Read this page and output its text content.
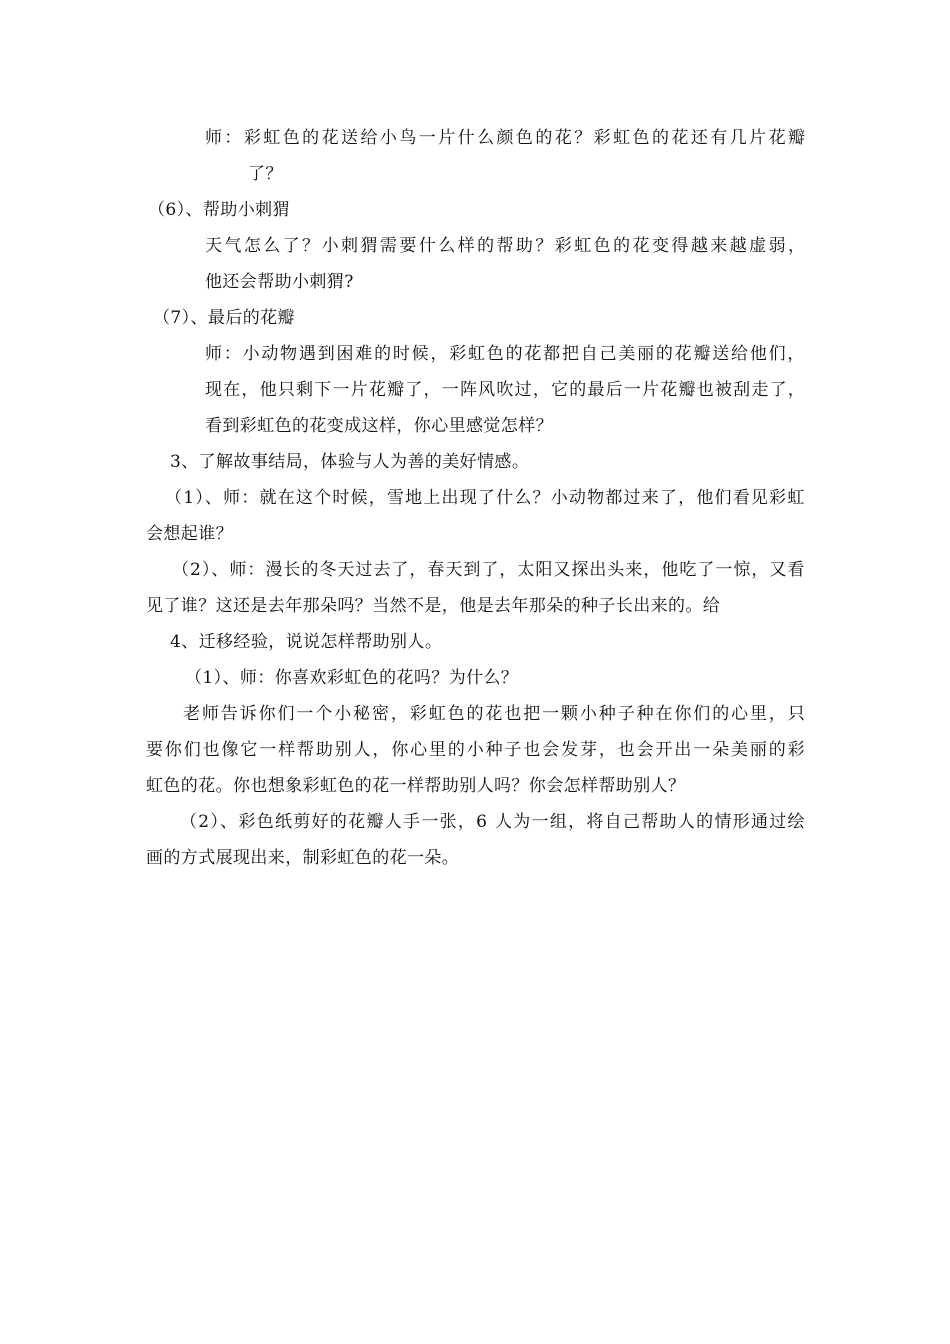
师：彩虹色的花送给小鸟一片什么颜色的花？彩虹色的花还有几片花瓣
了？
（6）、帮助小刺猬
天气怎么了？小刺猬需要什么样的帮助？彩虹色的花变得越来越虚弱，
他还会帮助小刺猬?
（7）、最后的花瓣
师：小动物遇到困难的时候，彩虹色的花都把自己美丽的花瓣送给他们，
现在，他只剩下一片花瓣了，一阵风吹过，它的最后一片花瓣也被刮走了，
看到彩虹色的花变成这样，你心里感觉怎样？
3、了解故事结局，体验与人为善的美好情感。
（1）、师：就在这个时候，雪地上出现了什么？小动物都过来了，他们看见彩虹
会想起谁？
（2）、师：漫长的冬天过去了，春天到了，太阳又探出头来，他吃了一惊，又看
见了谁？这还是去年那朵吗？当然不是，他是去年那朵的种子长出来的。给
4、迁移经验，说说怎样帮助别人。
（1）、师：你喜欢彩虹色的花吗？为什么？
老师告诉你们一个小秘密，彩虹色的花也把一颗小种子种在你们的心里，只
要你们也像它一样帮助别人，你心里的小种子也会发芽，也会开出一朵美丽的彩
虹色的花。你也想象彩虹色的花一样帮助别人吗？你会怎样帮助别人？
（2）、彩色纸剪好的花瓣人手一张，6 人为一组，将自己帮助人的情形通过绘
画的方式展现出来，制彩虹色的花一朵。
